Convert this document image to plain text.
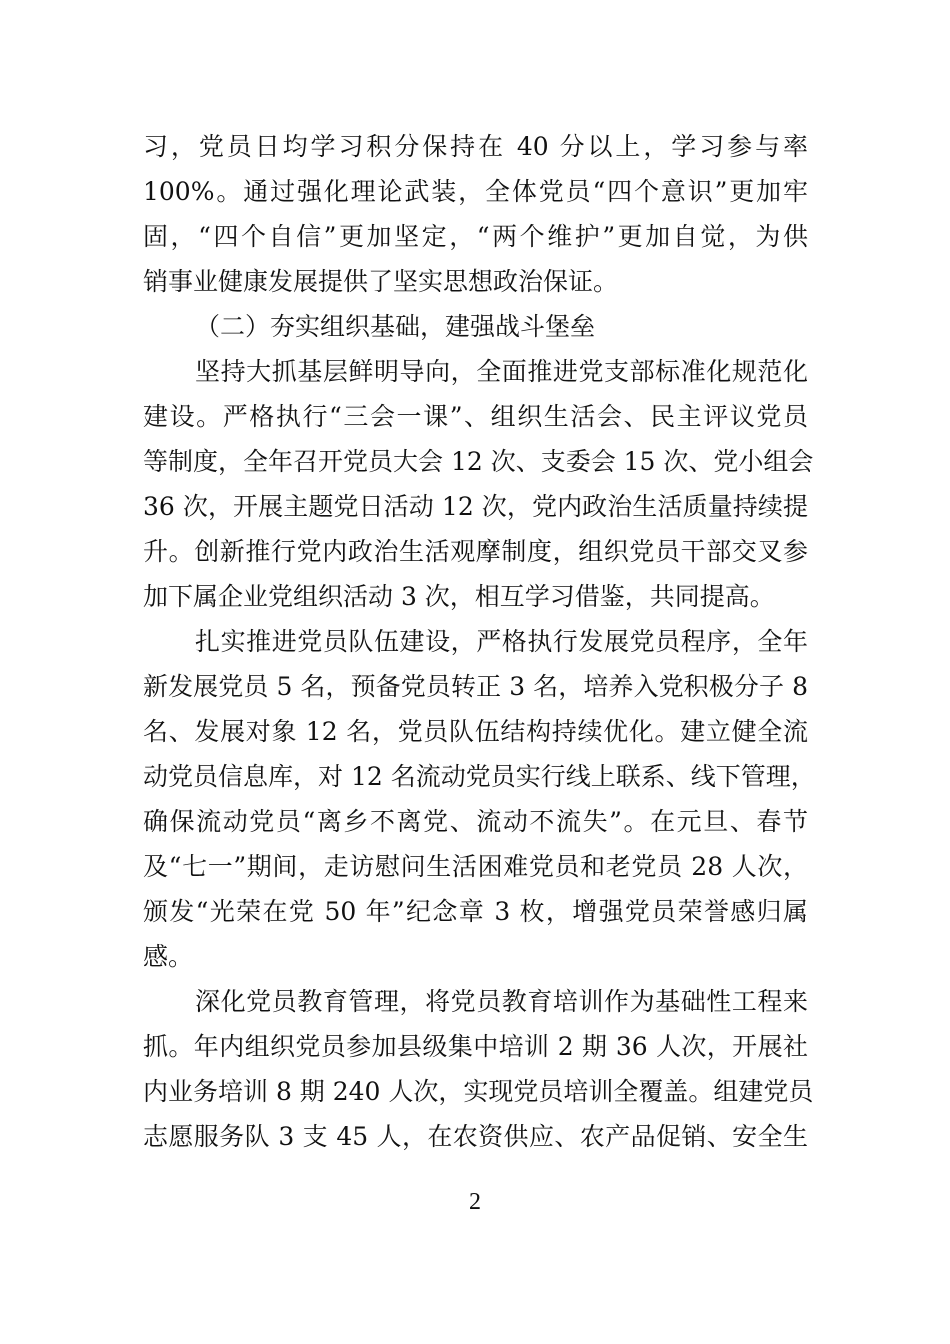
习，党员日均学习积分保持在 40 分以上，学习参与率
100%。通过强化理论武装，全体党员“四个意识”更加牢
固，“四个自信”更加坚定，“两个维护”更加自觉，为供
销事业健康发展提供了坚实思想政治保证。
（二）夯实组织基础，建强战斗堡垒
坚持大抓基层鲜明导向，全面推进党支部标准化规范化
建设。严格执行“三会一课”、组织生活会、民主评议党员
等制度，全年召开党员大会 12 次、支委会 15 次、党小组会
36 次，开展主题党日活动 12 次，党内政治生活质量持续提
升。创新推行党内政治生活观摩制度，组织党员干部交叉参
加下属企业党组织活动 3 次，相互学习借鉴，共同提高。
扎实推进党员队伍建设，严格执行发展党员程序，全年
新发展党员 5 名，预备党员转正 3 名，培养入党积极分子 8
名、发展对象 12 名，党员队伍结构持续优化。建立健全流
动党员信息库，对 12 名流动党员实行线上联系、线下管理，
确保流动党员“离乡不离党、流动不流失”。在元旦、春节
及“七一”期间，走访慰问生活困难党员和老党员 28 人次，
颁发“光荣在党 50 年”纪念章 3 枚，增强党员荣誉感归属
感。
深化党员教育管理，将党员教育培训作为基础性工程来
抓。年内组织党员参加县级集中培训 2 期 36 人次，开展社
内业务培训 8 期 240 人次，实现党员培训全覆盖。组建党员
志愿服务队 3 支 45 人，在农资供应、农产品促销、安全生
2
